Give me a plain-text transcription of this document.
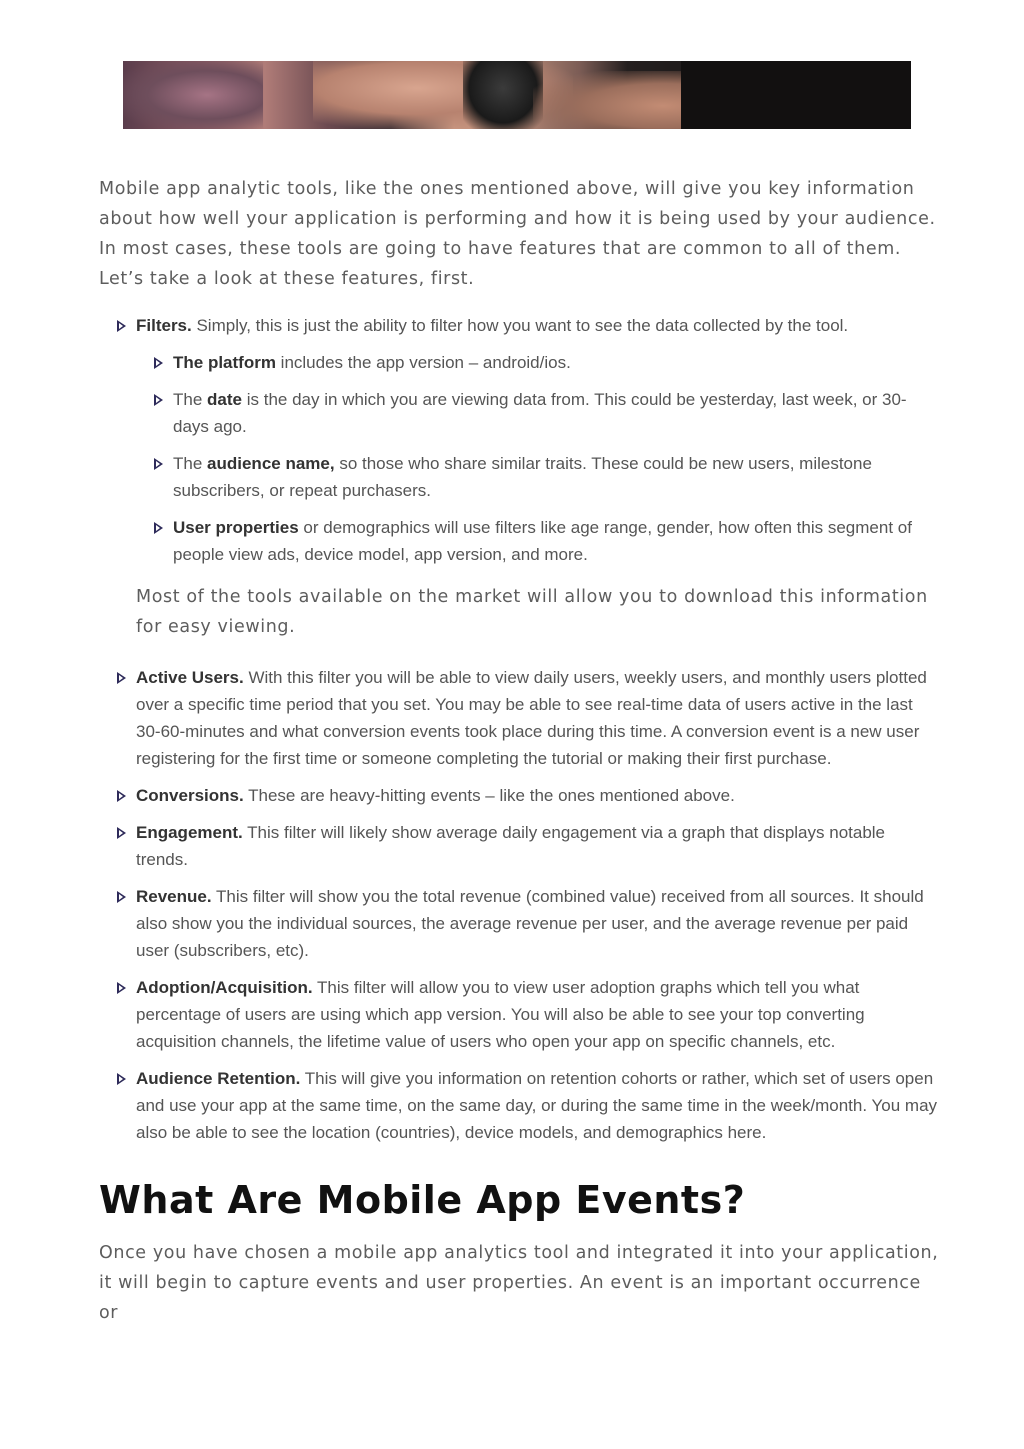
Mobile app analytic tools, like the ones mentioned above, will give you key information about how well your application is performing and how it is being used by your audience. In most cases, these tools are going to have features that are common to all of them. Let’s take a look at these features, first.

Filters. Simply, this is just the ability to filter how you want to see the data collected by the tool.
The platform includes the app version – android/ios.
The date is the day in which you are viewing data from. This could be yesterday, last week, or 30-days ago.
The audience name, so those who share similar traits. These could be new users, milestone subscribers, or repeat purchasers.
User properties or demographics will use filters like age range, gender, how often this segment of people view ads, device model, app version, and more.

Most of the tools available on the market will allow you to download this information for easy viewing.

Active Users. With this filter you will be able to view daily users, weekly users, and monthly users plotted over a specific time period that you set. You may be able to see real-time data of users active in the last 30-60-minutes and what conversion events took place during this time. A conversion event is a new user registering for the first time or someone completing the tutorial or making their first purchase.
Conversions. These are heavy-hitting events – like the ones mentioned above.
Engagement. This filter will likely show average daily engagement via a graph that displays notable trends.
Revenue. This filter will show you the total revenue (combined value) received from all sources. It should also show you the individual sources, the average revenue per user, and the average revenue per paid user (subscribers, etc).
Adoption/Acquisition. This filter will allow you to view user adoption graphs which tell you what percentage of users are using which app version. You will also be able to see your top converting acquisition channels, the lifetime value of users who open your app on specific channels, etc.
Audience Retention. This will give you information on retention cohorts or rather, which set of users open and use your app at the same time, on the same day, or during the same time in the week/month. You may also be able to see the location (countries), device models, and demographics here.
What Are Mobile App Events?

Once you have chosen a mobile app analytics tool and integrated it into your application, it will begin to capture events and user properties. An event is an important occurrence or
